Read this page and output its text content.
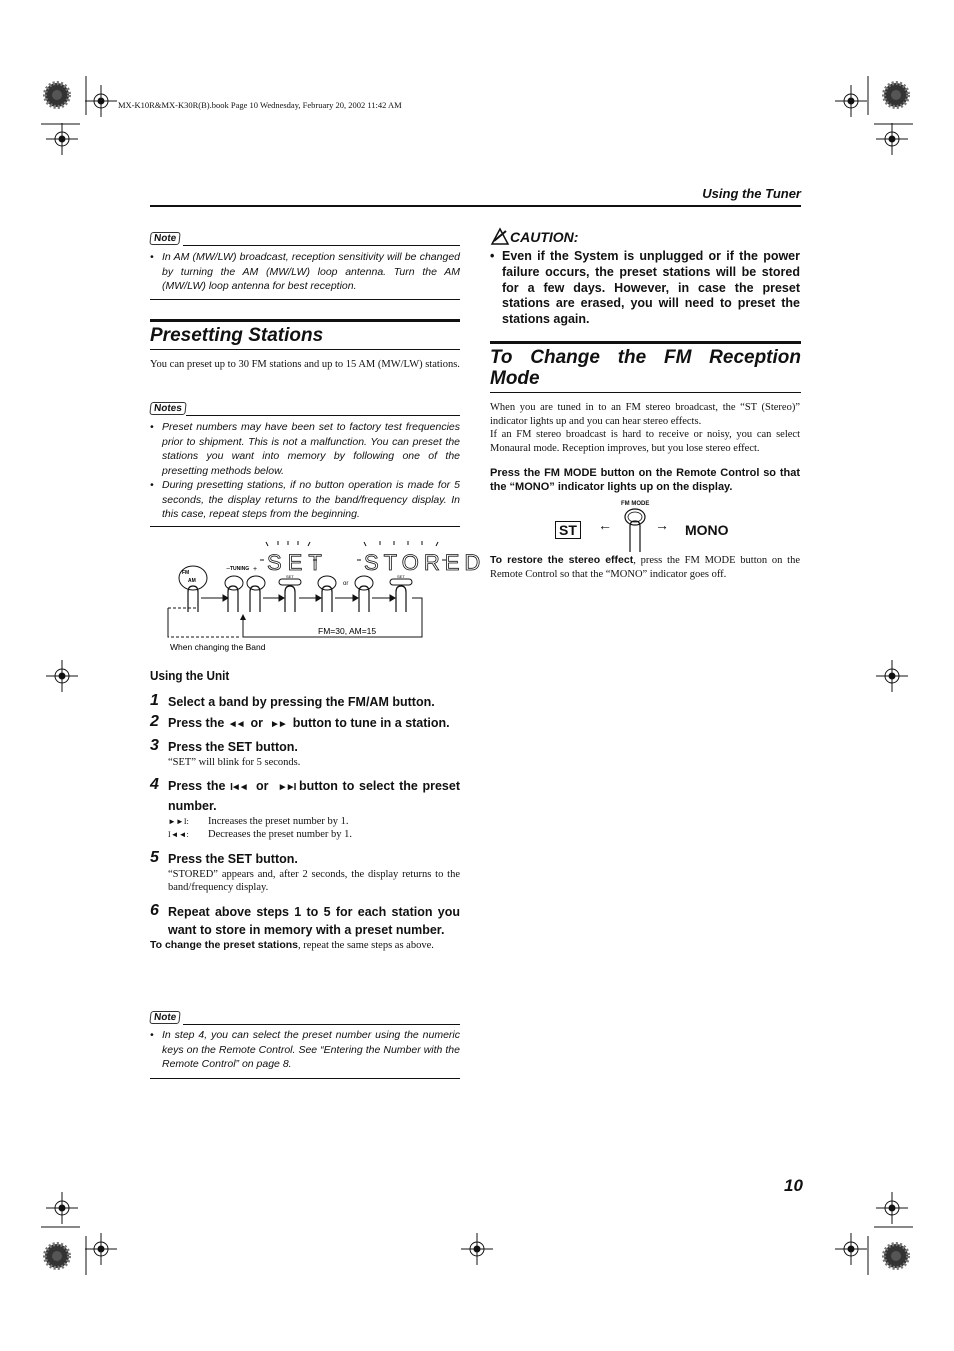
MX-K10R&MX-K30R(B).book Page 10 Wednesday, February 20, 2002 11:42 AM
Using the Tuner
Note
• In AM (MW/LW) broadcast, reception sensitivity will be changed by turning the AM (MW/LW) loop antenna. Turn the AM (MW/LW) loop antenna for best reception.
Presetting Stations
You can preset up to 30 FM stations and up to 15 AM (MW/LW) stations.
Notes
• Preset numbers may have been set to factory test frequencies prior to shipment. This is not a malfunction. You can preset the stations you want into memory by following one of the presetting methods below.
• During presetting stations, if no button operation is made for 5 seconds, the display returns to the band/frequency display. In this case, repeat steps from the beginning.
SET STORED
FM
AM
TUNING
−	+
SET	SET
or
FM=30, AM=15
When changing the Band
Using the Unit
1 Select a band by pressing the FM/AM button.
2 Press the ◄◄ or ►► button to tune in a station.
3 Press the SET button.
“SET” will blink for 5 seconds.
4 Press the I◄◄ or ►►I button to select the preset number.
►►I: Increases the preset number by 1.
I◄◄: Decreases the preset number by 1.
5 Press the SET button.
“STORED” appears and, after 2 seconds, the display returns to the band/frequency display.
6 Repeat above steps 1 to 5 for each station you want to store in memory with a preset number.
To change the preset stations, repeat the same steps as above.
Note
• In step 4, you can select the preset number using the numeric keys on the Remote Control. See “Entering the Number with the Remote Control” on page 8.
CAUTION:
• Even if the System is unplugged or if the power failure occurs, the preset stations will be stored for a few days. However, in case the preset stations are erased, you will need to preset the stations again.
To Change the FM Reception
Mode
When you are tuned in to an FM stereo broadcast, the “ST (Stereo)” indicator lights up and you can hear stereo effects.
If an FM stereo broadcast is hard to receive or noisy, you can select Monaural mode. Reception improves, but you lose stereo effect.
Press the FM MODE button on the Remote Control so that the “MONO” indicator lights up on the display.
ST ←
FM MODE
→ MONO
To restore the stereo effect, press the FM MODE button on the Remote Control so that the “MONO” indicator goes off.
10
